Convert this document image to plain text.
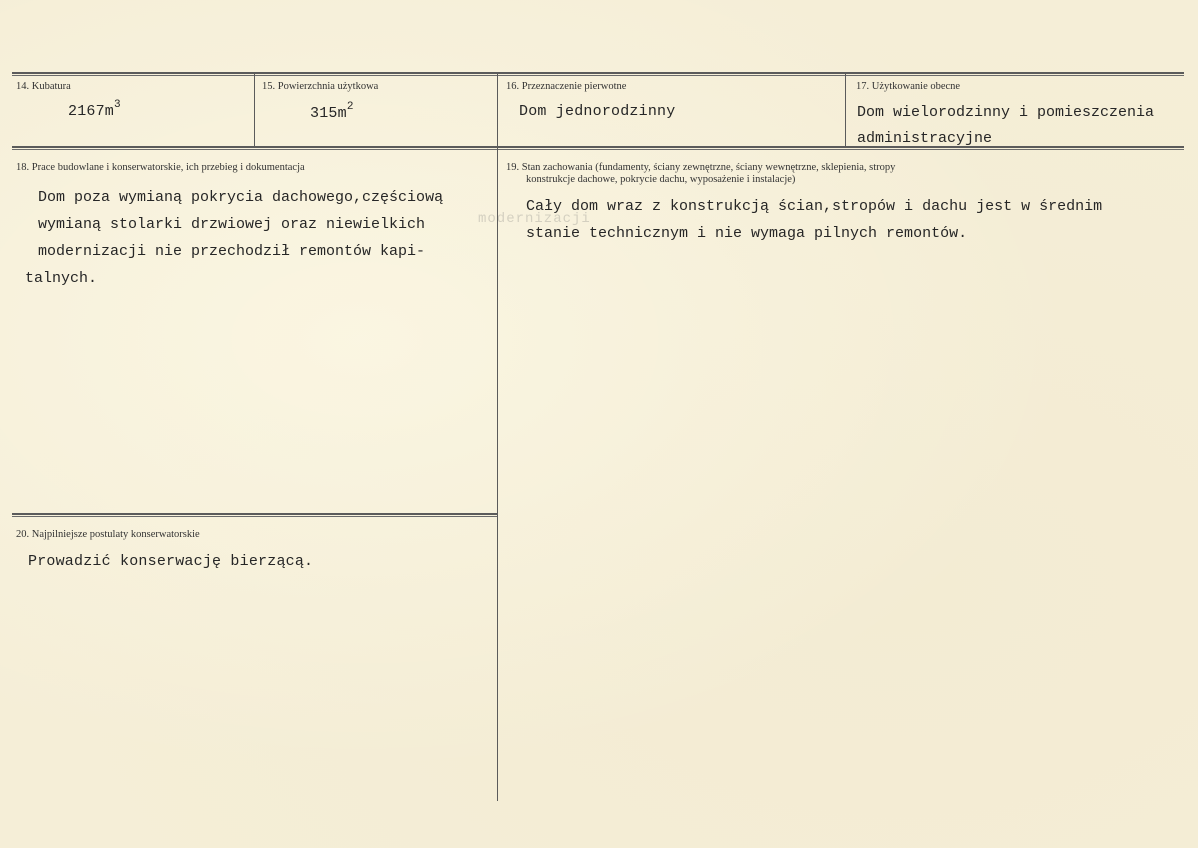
14. Kubatura
$2167m^3$
15. Powierzchnia użytkowa
$315m^2$
16. Przeznaczenie pierwotne
Dom jednorodzinny
17. Użytkowanie obecne
Dom wielorodzinny i pomieszczenia
administracyjne
18. Prace budowlane i konserwatorskie, ich przebieg i dokumentacja
Dom poza wymianą pokrycia dachowego,częściową
wymianą stolarki drzwiowej oraz niewielkich
modernizacji nie przechodził remontów kapi-
talnych.
modernizacji
19. Stan zachowania (fundamenty, ściany zewnętrzne, ściany wewnętrzne, sklepienia, stropy
konstrukcje dachowe, pokrycie dachu, wyposażenie i instalacje)
Cały dom wraz z konstrukcją ścian,stropów i dachu jest w średnim
stanie technicznym i nie wymaga pilnych remontów.
20. Najpilniejsze postulaty konserwatorskie
Prowadzić konserwację bierzącą.
